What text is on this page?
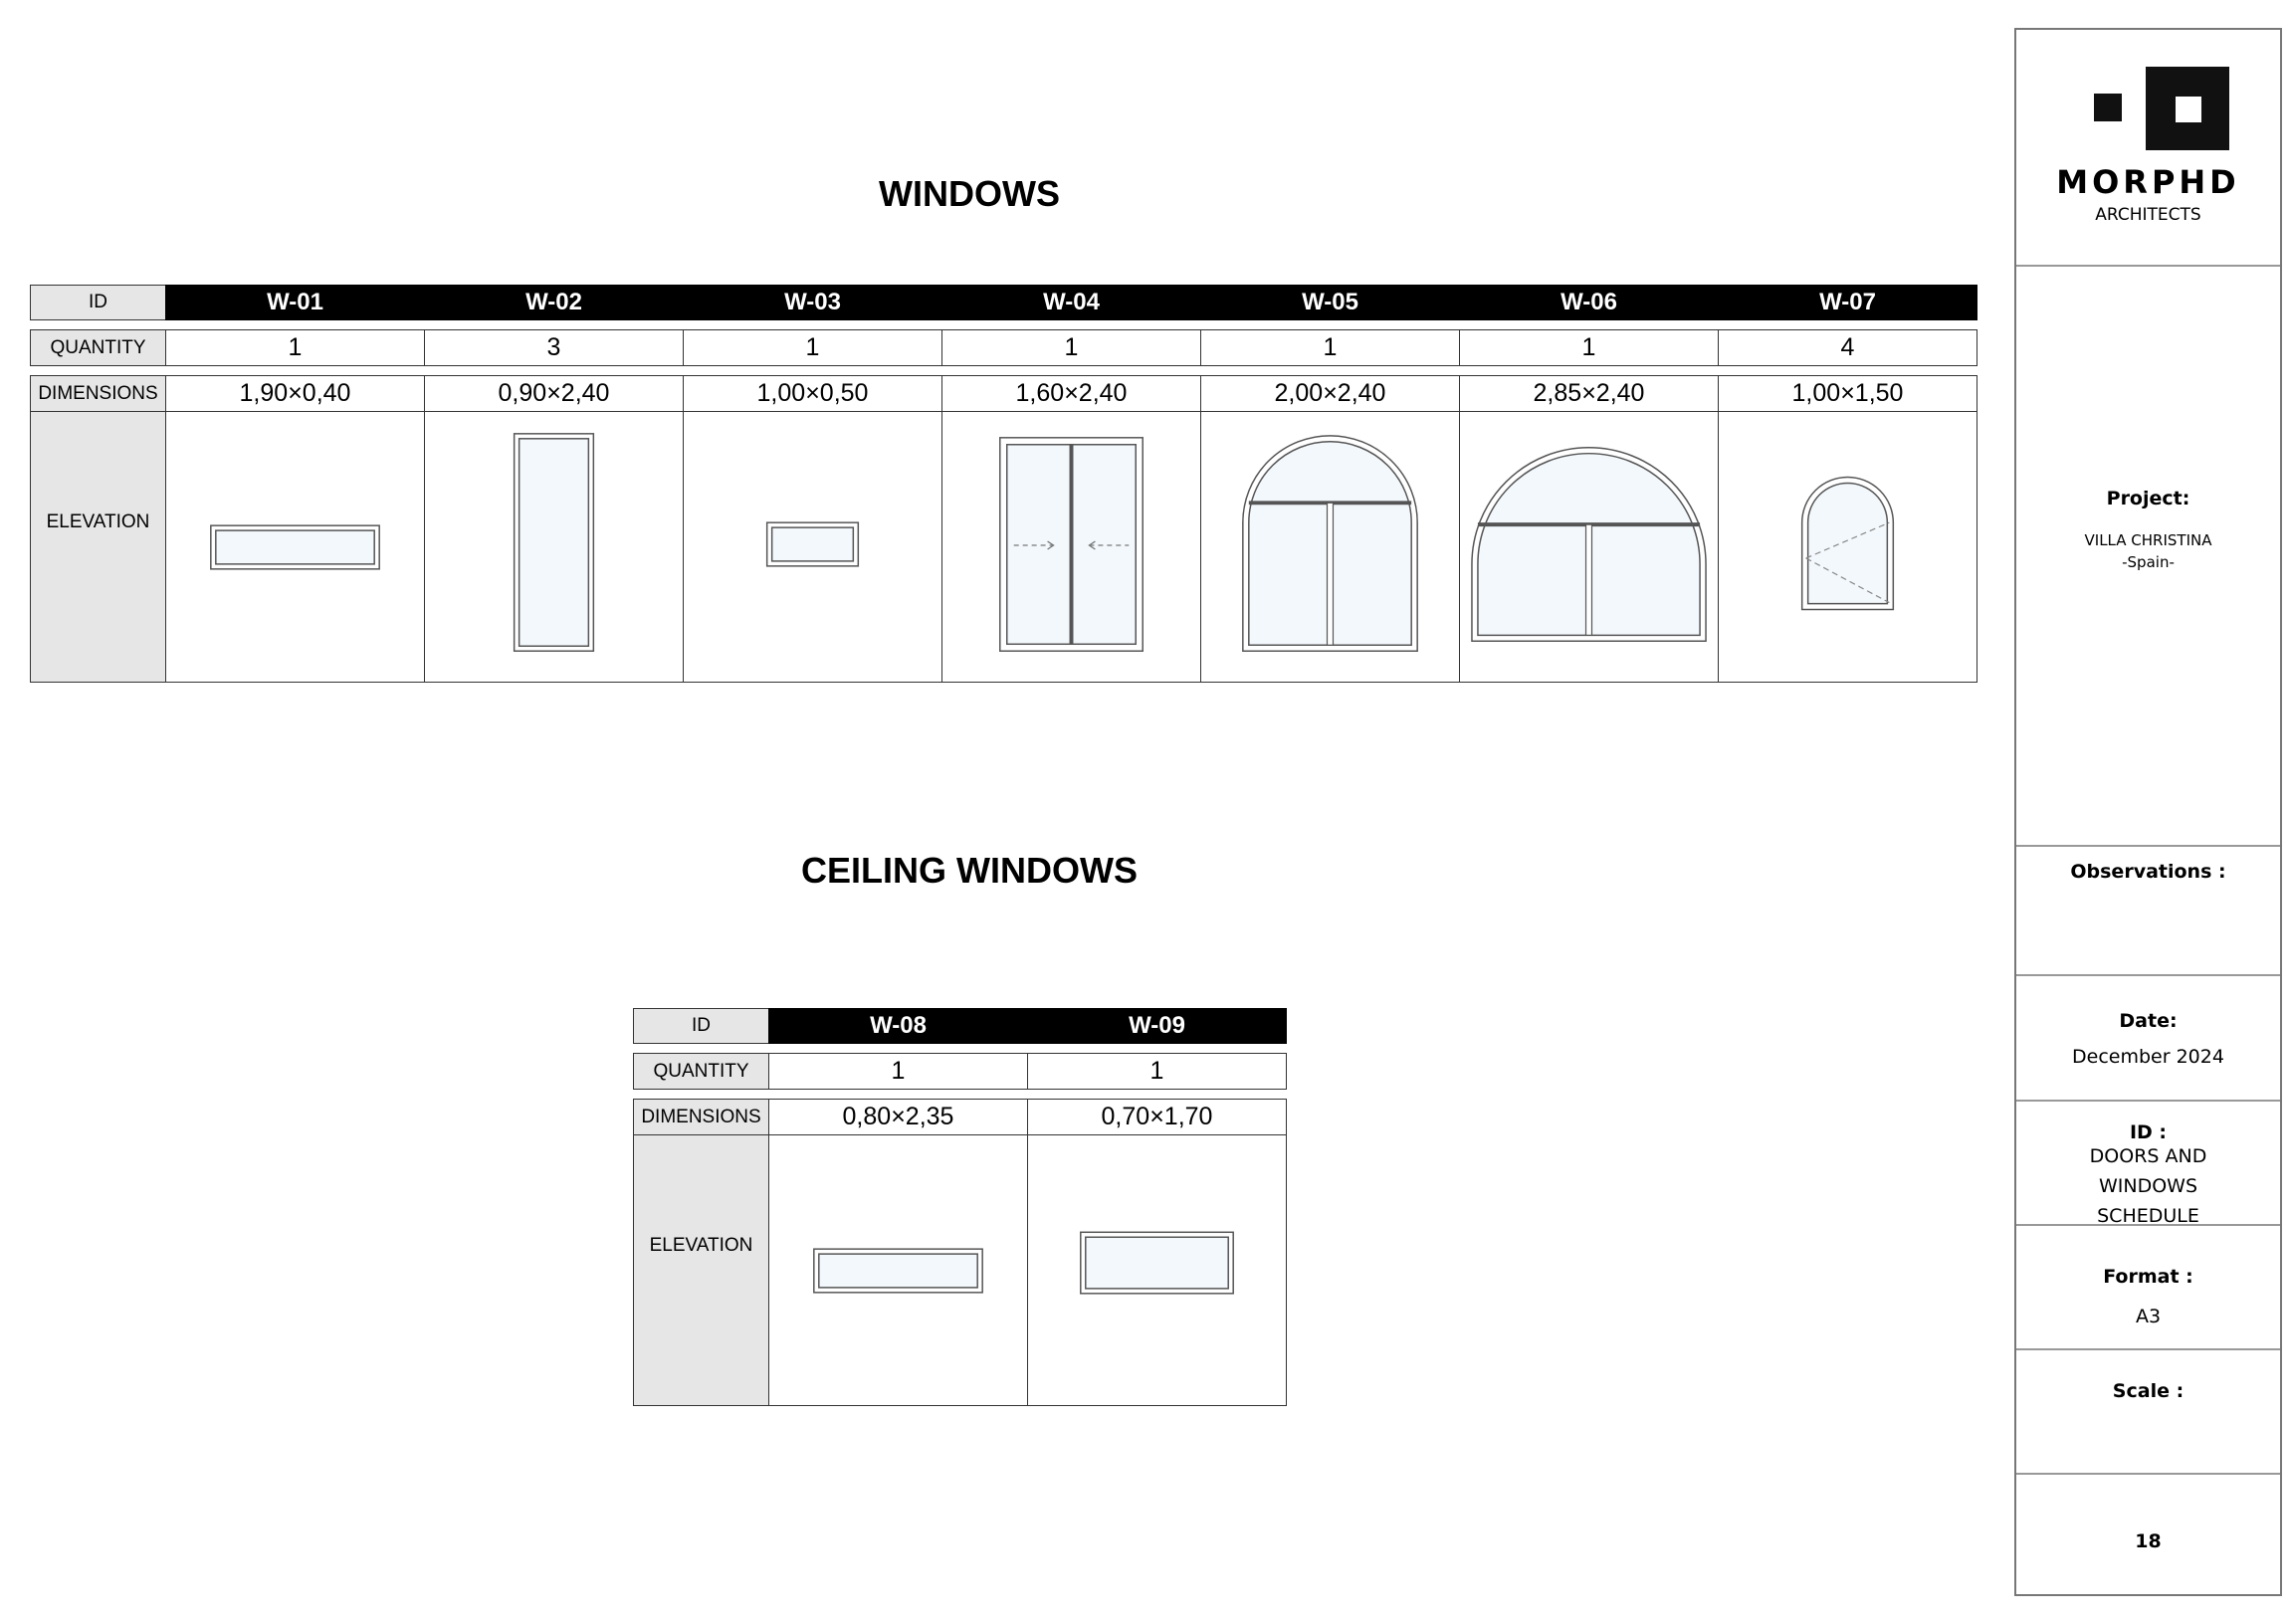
WINDOWS
ID
QUANTITY
DIMENSIONS
ELEVATION
W-01
1
1,90×0,40
W-02
3
0,90×2,40
W-03
1
1,00×0,50
W-04
1
1,60×2,40
W-05
1
2,00×2,40
W-06
1
2,85×2,40
W-07
4
1,00×1,50
CEILING WINDOWS
ID
QUANTITY
DIMENSIONS
ELEVATION
W-08
1
0,80×2,35
W-09
1
0,70×1,70
MORPHD
ARCHITECTS
Project:
VILLA CHRISTINA
-Spain-
Observations :
Date:
December 2024
ID :
DOORS AND
WINDOWS
SCHEDULE
Format :
A3
Scale :
18
